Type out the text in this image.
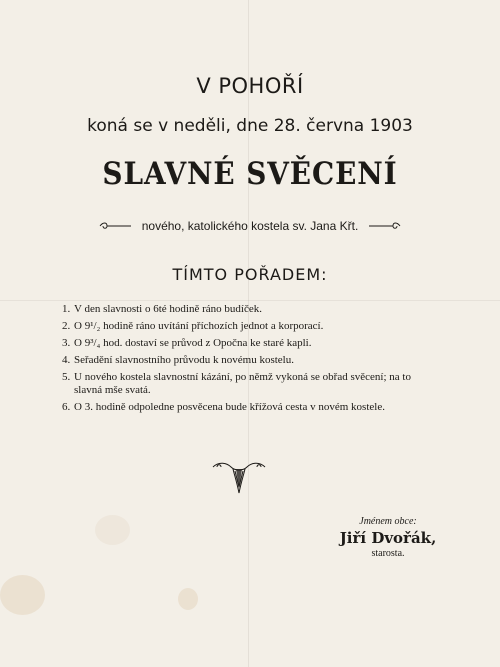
V POHOŘÍ
koná se v neděli, dne 28. června 1903
SLAVNÉ SVĚCENÍ
nového, katolického kostela sv. Jana Křt.
TÍMTO POŘADEM:
1. V den slavnosti o 6té hodině ráno budíček.
2. O 9¹/₂ hodině ráno uvítání příchozích jednot a korporací.
3. O 9³/₄ hod. dostaví se průvod z Opočna ke staré kapli.
4. Seřadění slavnostního průvodu k novému kostelu.
5. U nového kostela slavnostní kázání, po němž vykoná se obřad svěcení; na to slavná mše svatá.
6. O 3. hodině odpoledne posvěcena bude křížová cesta v novém kostele.
Jménem obce:
Jiří Dvořák,
starosta.
